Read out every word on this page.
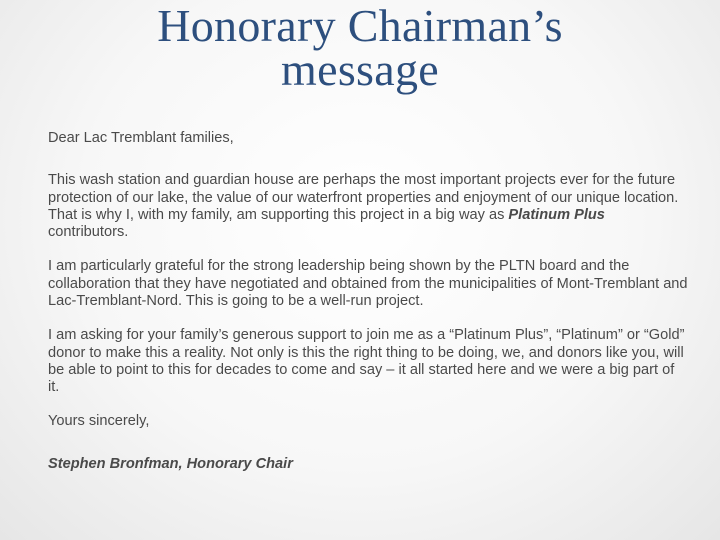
Honorary Chairman’s
message

Dear Lac Tremblant families,

This wash station and guardian house are perhaps the most important projects ever for the future protection of our lake, the value of our waterfront properties and enjoyment of our unique location. That is why I, with my family, am supporting this project in a big way as Platinum Plus contributors.

I am particularly grateful for the strong leadership being shown by the PLTN board and the collaboration that they have negotiated and obtained from the municipalities of Mont-Tremblant and Lac-Tremblant-Nord. This is going to be a well-run project.

I am asking for your family’s generous support to join me as a “Platinum Plus”, “Platinum” or “Gold” donor to make this a reality. Not only is this the right thing to be doing, we, and donors like you, will be able to point to this for decades to come and say – it all started here and we were a big part of it.

Yours sincerely,

Stephen Bronfman, Honorary Chair
